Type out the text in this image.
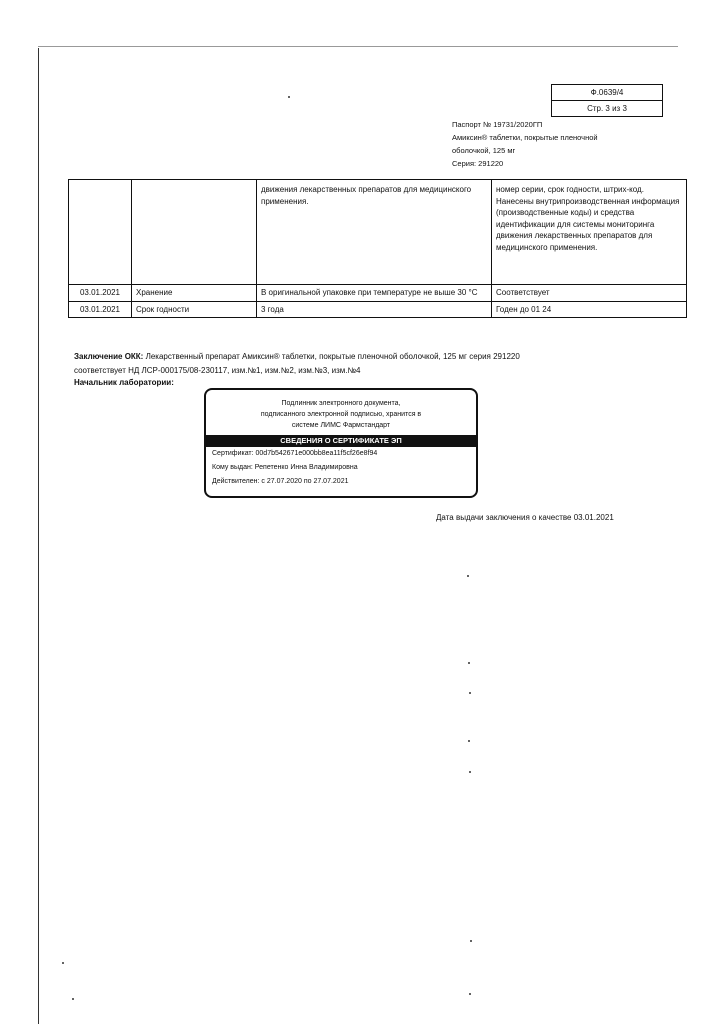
Ф.0639/4
Стр. 3 из 3
Паспорт № 19731/2020ГП
Амиксин® таблетки, покрытые пленочной
оболочкой, 125 мг
Серия: 291220
		движения лекарственных препаратов для медицинского применения.	номер серии, срок годности, штрих-код. Нанесены внутрипроизводственная информация (производственные коды) и средства идентификации для системы мониторинга движения лекарственных препаратов для медицинского применения.
03.01.2021	Хранение	В оригинальной упаковке при температуре не выше 30 °С	Соответствует
03.01.2021	Срок годности	3 года	Годен до 01 24
Заключение ОКК: Лекарственный препарат Амиксин® таблетки, покрытые пленочной оболочкой, 125 мг серия 291220
соответствует НД ЛСР-000175/08-230117, изм.№1, изм.№2, изм.№3, изм.№4
Начальник лаборатории:
Подлинник электронного документа,
подписанного электронной подписью, хранится в
системе ЛИМС Фармстандарт
СВЕДЕНИЯ О СЕРТИФИКАТЕ ЭП
Сертификат: 00d7b542671e000bb8ea11f5cf26e8f94
Кому выдан: Репетенко Инна Владимировна
Действителен: с 27.07.2020 по 27.07.2021
Дата выдачи заключения о качестве 03.01.2021
